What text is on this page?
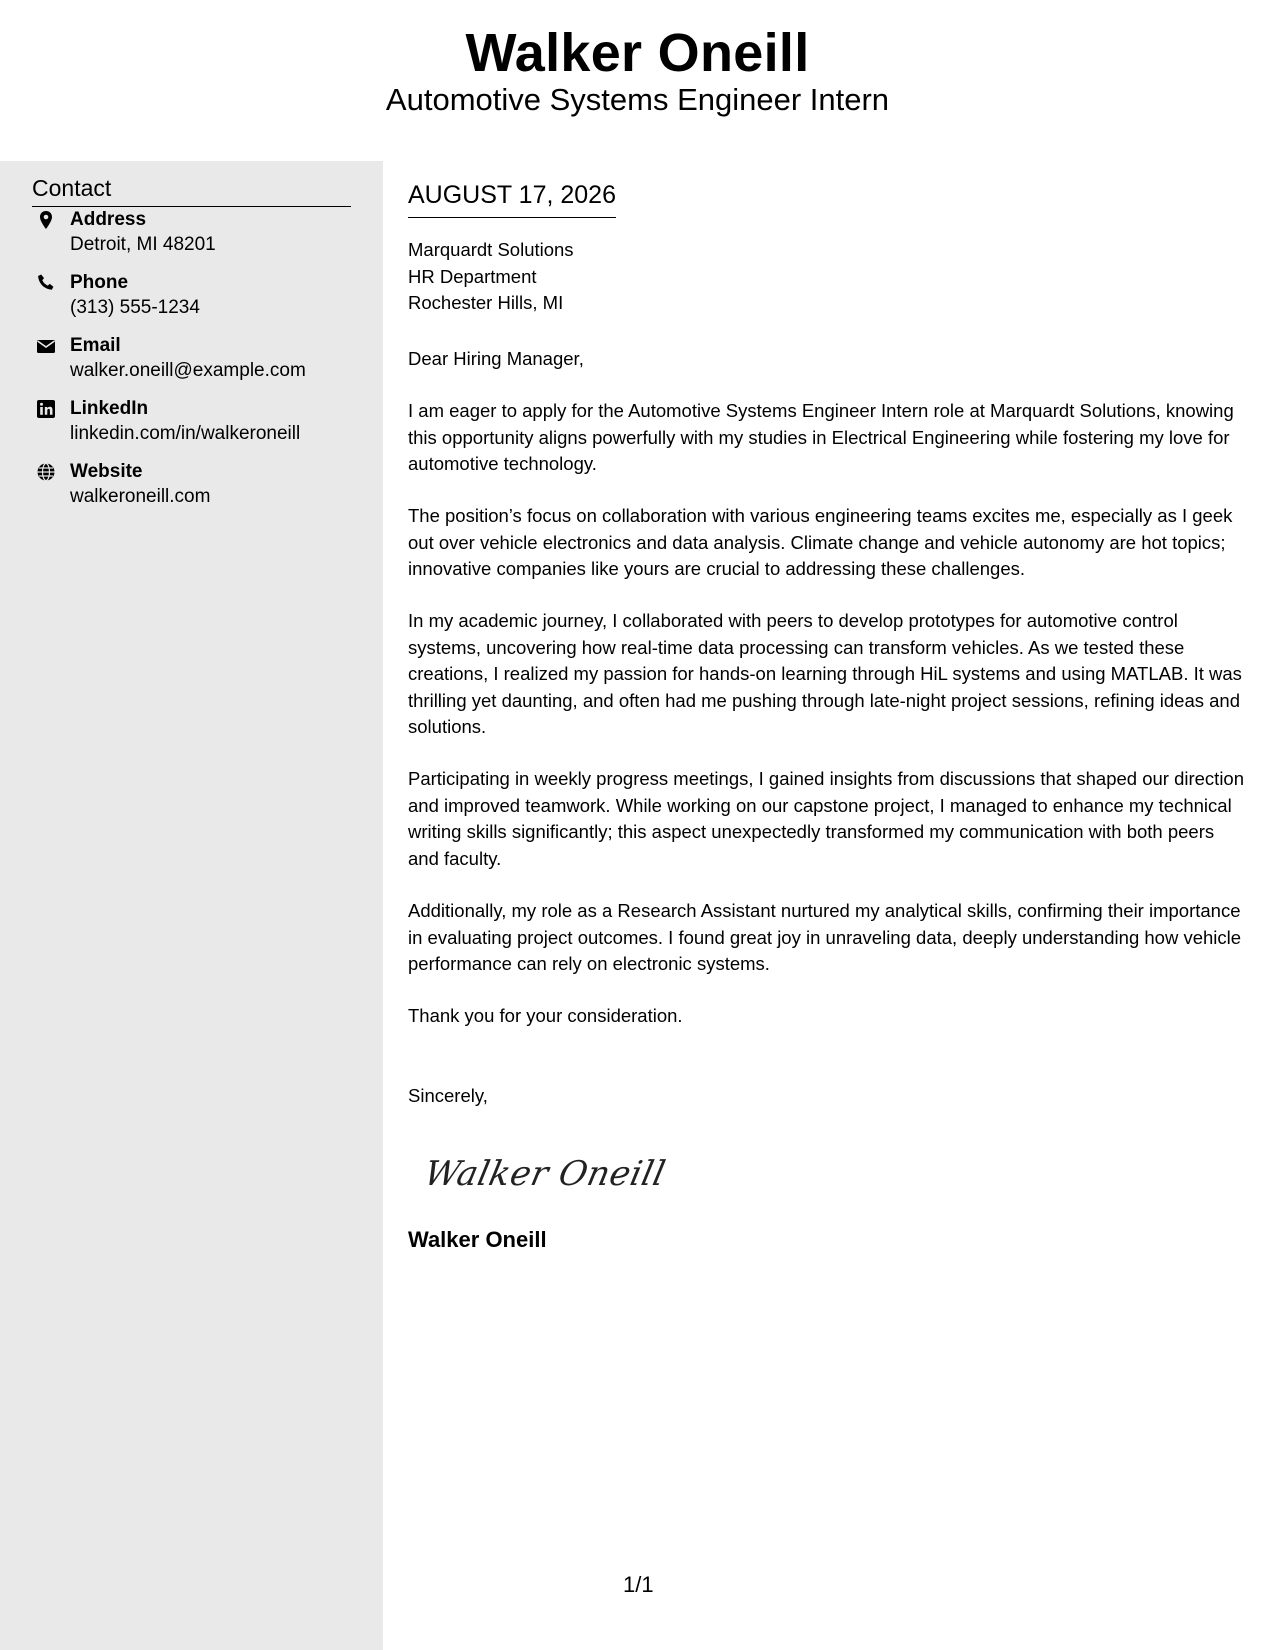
Walker Oneill
Automotive Systems Engineer Intern
Contact
Address
Detroit, MI 48201
Phone
(313) 555-1234
Email
walker.oneill@example.com
LinkedIn
linkedin.com/in/walkeroneill
Website
walkeroneill.com
AUGUST 17, 2026
Marquardt Solutions
HR Department
Rochester Hills, MI
Dear Hiring Manager,

I am eager to apply for the Automotive Systems Engineer Intern role at Marquardt Solutions, knowing this opportunity aligns powerfully with my studies in Electrical Engineering while fostering my love for automotive technology.

The position’s focus on collaboration with various engineering teams excites me, especially as I geek out over vehicle electronics and data analysis. Climate change and vehicle autonomy are hot topics; innovative companies like yours are crucial to addressing these challenges.

In my academic journey, I collaborated with peers to develop prototypes for automotive control systems, uncovering how real-time data processing can transform vehicles. As we tested these creations, I realized my passion for hands-on learning through HiL systems and using MATLAB. It was thrilling yet daunting, and often had me pushing through late-night project sessions, refining ideas and solutions.

Participating in weekly progress meetings, I gained insights from discussions that shaped our direction and improved teamwork. While working on our capstone project, I managed to enhance my technical writing skills significantly; this aspect unexpectedly transformed my communication with both peers and faculty.

Additionally, my role as a Research Assistant nurtured my analytical skills, confirming their importance in evaluating project outcomes. I found great joy in unraveling data, deeply understanding how vehicle performance can rely on electronic systems.

Thank you for your consideration.

Sincerely,
Walker Oneill
Walker Oneill
1/1
